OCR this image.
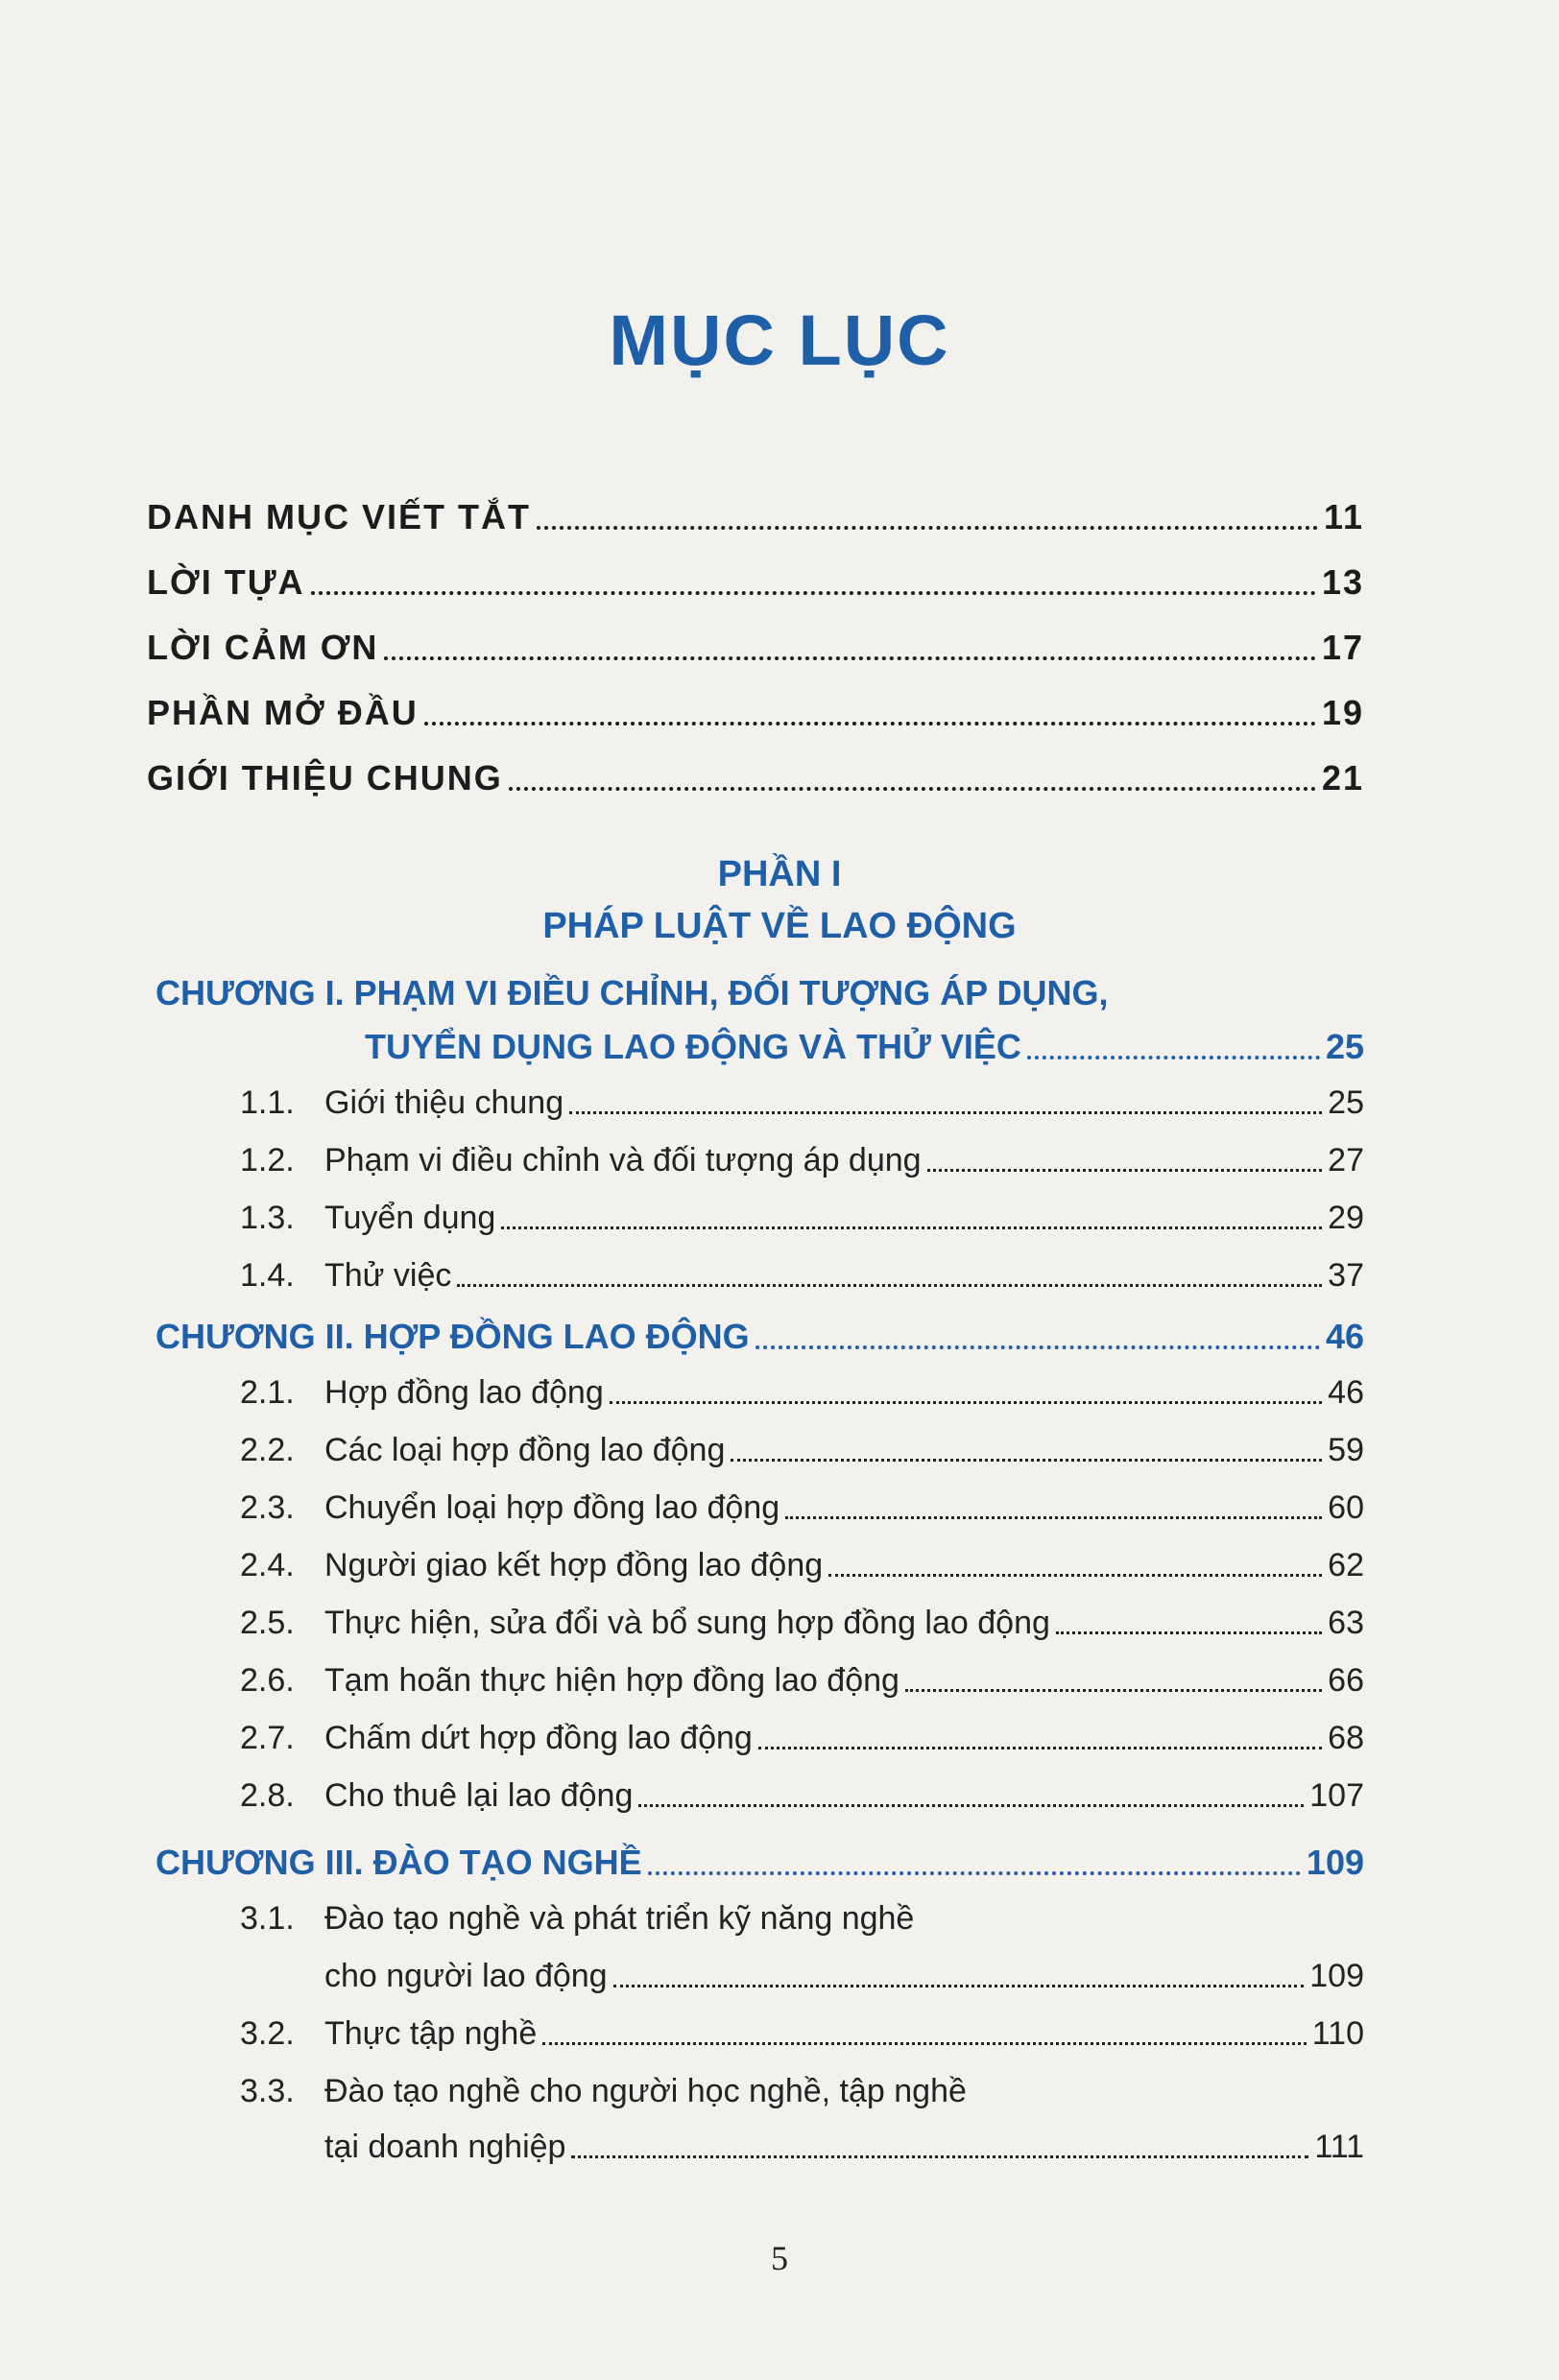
MỤC LỤC
DANH MỤC VIẾT TẮT	11
LỜI TỰA	13
LỜI CẢM ƠN	17
PHẦN MỞ ĐẦU	19
GIỚI THIỆU CHUNG	21
PHẦN I
PHÁP LUẬT VỀ LAO ĐỘNG
CHƯƠNG I. PHẠM VI ĐIỀU CHỈNH, ĐỐI TƯỢNG ÁP DỤNG,
TUYỂN DỤNG LAO ĐỘNG VÀ THỬ VIỆC	25
1.1. Giới thiệu chung	25
1.2. Phạm vi điều chỉnh và đối tượng áp dụng	27
1.3. Tuyển dụng	29
1.4. Thử việc	37
CHƯƠNG II. HỢP ĐỒNG LAO ĐỘNG	46
2.1. Hợp đồng lao động	46
2.2. Các loại hợp đồng lao động	59
2.3. Chuyển loại hợp đồng lao động	60
2.4. Người giao kết hợp đồng lao động	62
2.5. Thực hiện, sửa đổi và bổ sung hợp đồng lao động	63
2.6. Tạm hoãn thực hiện hợp đồng lao động	66
2.7. Chấm dứt hợp đồng lao động	68
2.8. Cho thuê lại lao động	107
CHƯƠNG III. ĐÀO TẠO NGHỀ	109
3.1. Đào tạo nghề và phát triển kỹ năng nghề
cho người lao động	109
3.2. Thực tập nghề	110
3.3. Đào tạo nghề cho người học nghề, tập nghề
tại doanh nghiệp	111
5
